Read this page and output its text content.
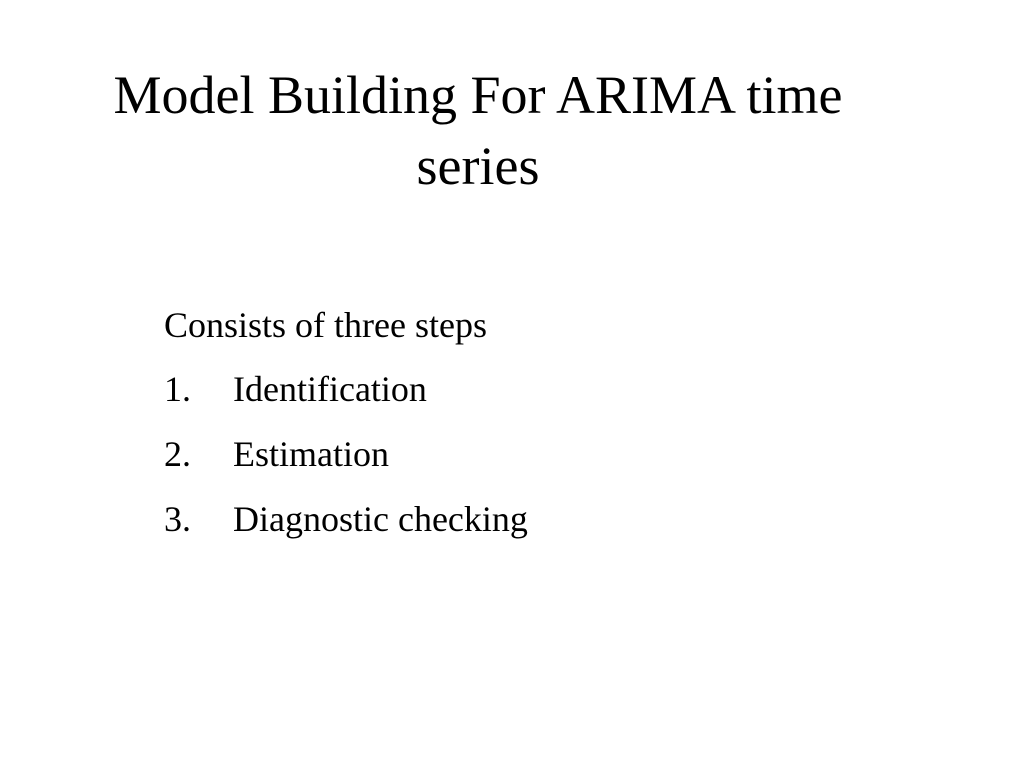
Model Building For ARIMA time
series
Consists of three steps
1. Identification
2. Estimation
3. Diagnostic checking
